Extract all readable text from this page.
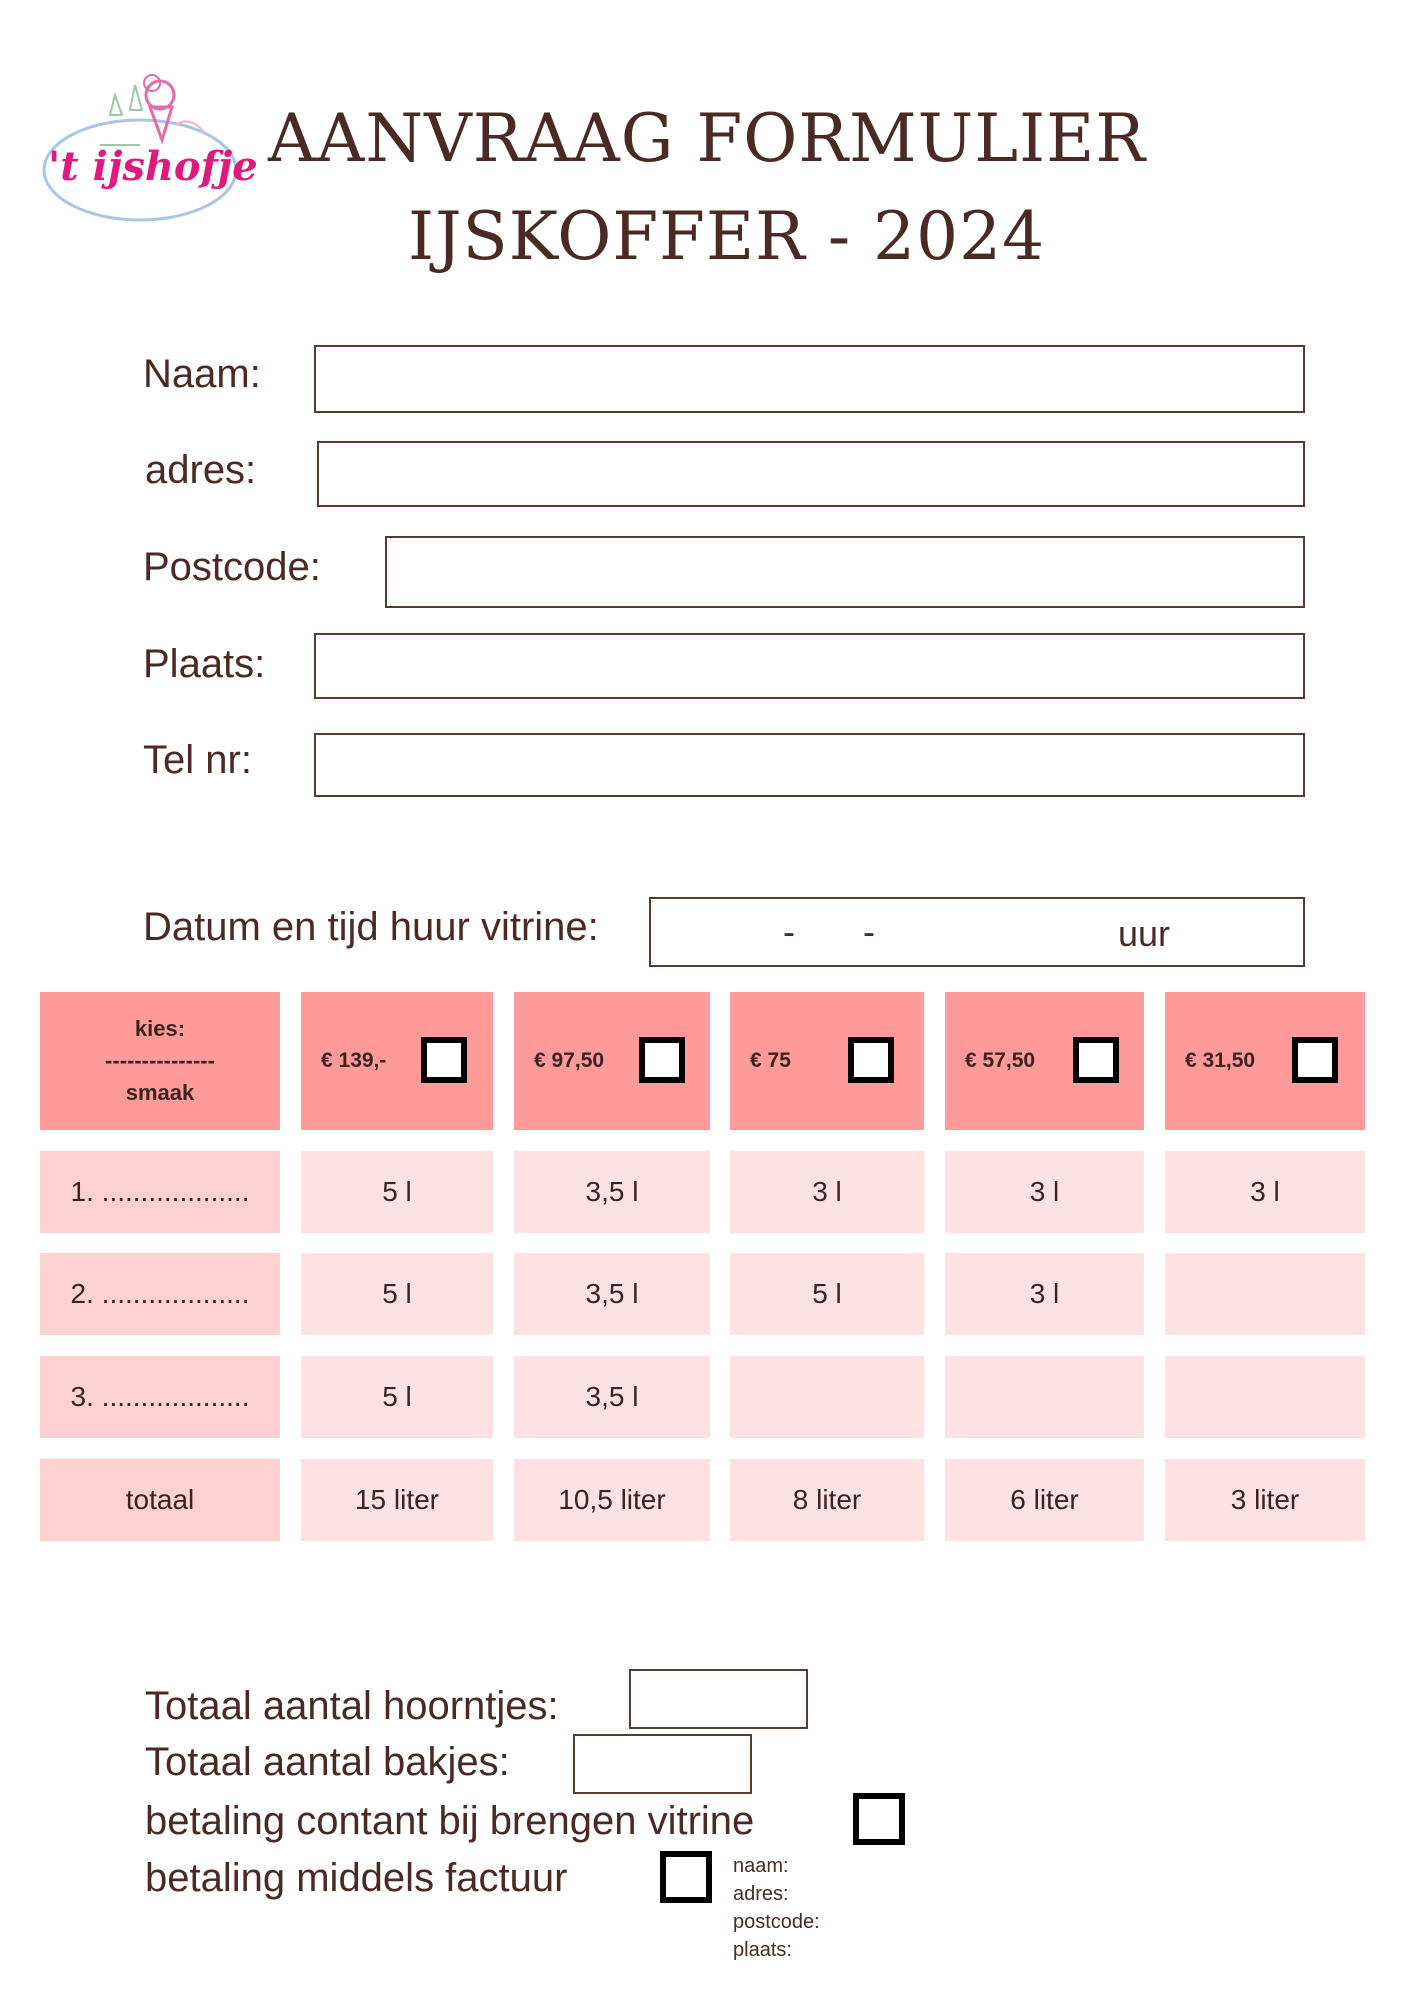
't ijshofje AANVRAAG FORMULIER
IJSKOFFER - 2024
Naam:
adres:
Postcode:
Plaats:
Tel nr:
Datum en tijd huur vitrine:	- -	uur
kies:
---------------
smaak
€ 139,-	€ 97,50	€ 75	€ 57,50	€ 31,50
1. ...................	5 l	3,5 l	3 l	3 l	3 l
2. ...................	5 l	3,5 l	5 l	3 l
3. ...................	5 l	3,5 l
totaal	15 liter	10,5 liter	8 liter	6 liter	3 liter
Totaal aantal hoorntjes:
Totaal aantal bakjes:
betaling contant bij brengen vitrine
betaling middels factuur	naam:
adres:
postcode:
plaats:
